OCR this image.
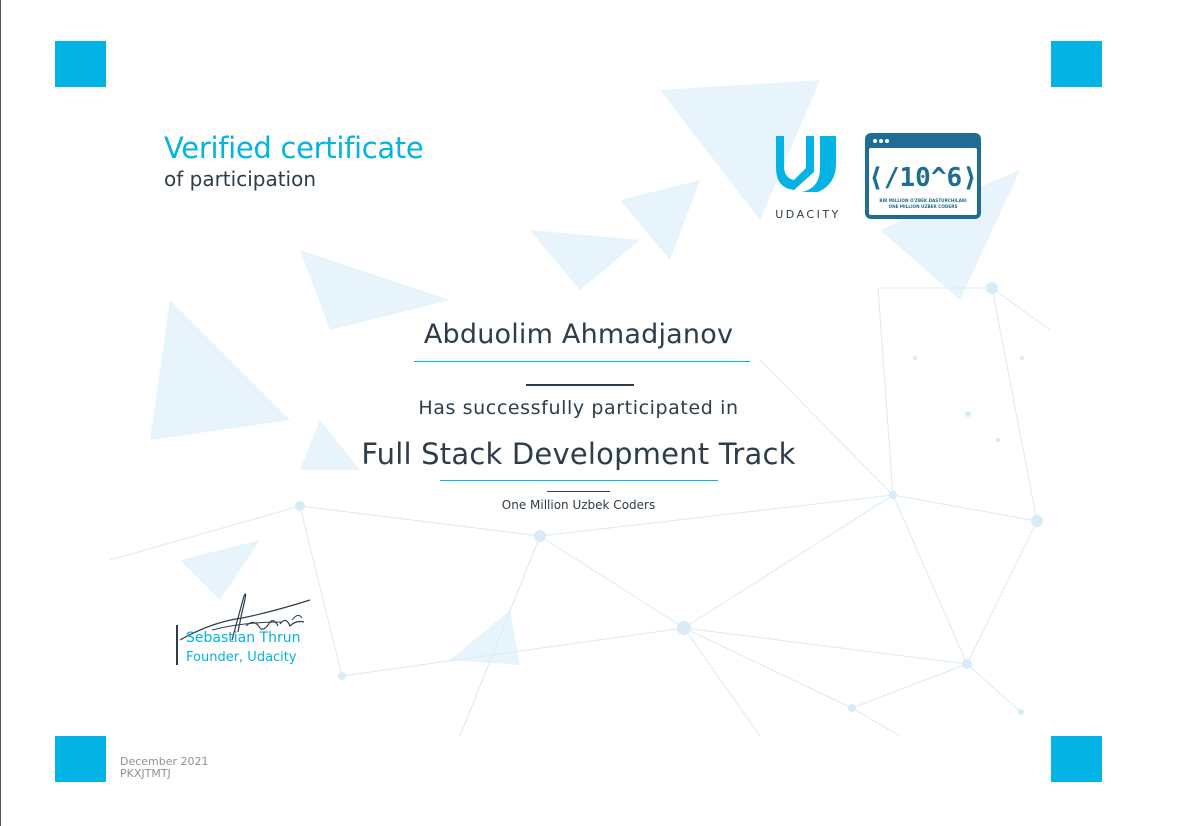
Verified certificate
of participation
UDACITY
⟨/10^6⟩
BIR MILLION O'ZBEK DASTURCHILARI
ONE MILLION UZBEK CODERS
Abduolim Ahmadjanov
Has successfully participated in
Full Stack Development Track
One Million Uzbek Coders
Sebastian Thrun
Founder, Udacity
December 2021
PKXJTMTJ
